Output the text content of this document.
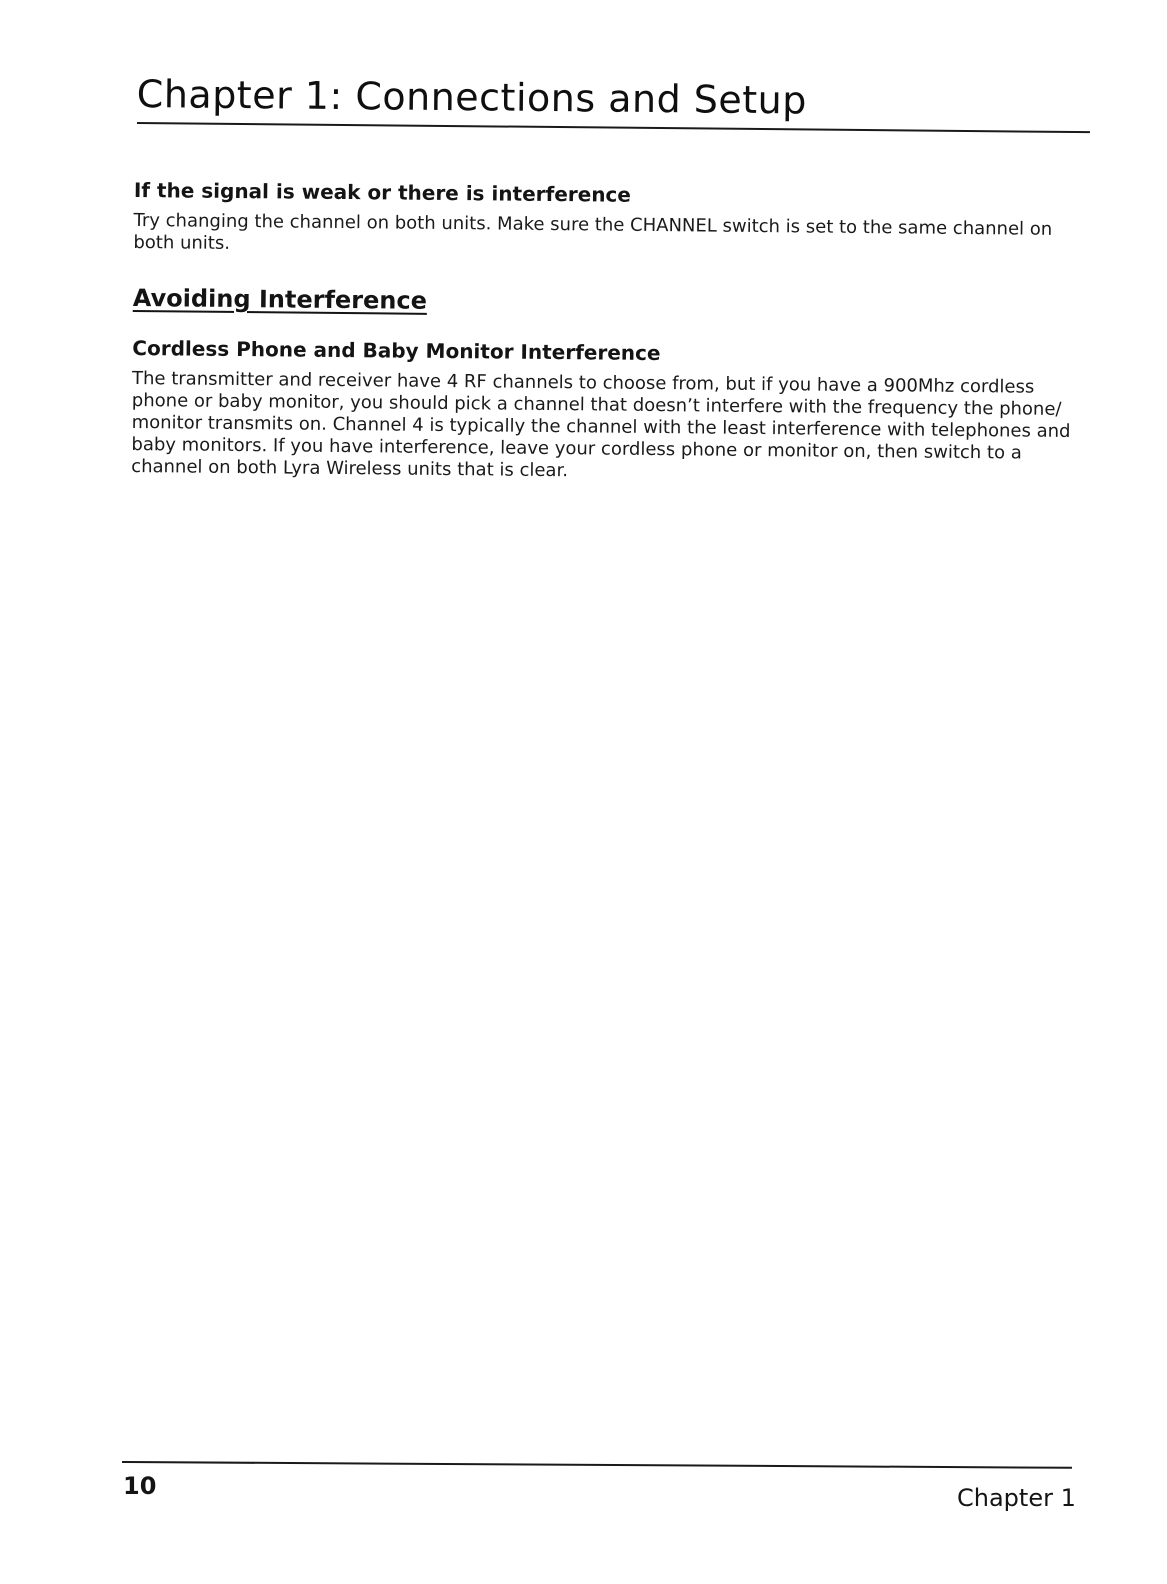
Chapter 1: Connections and Setup
If the signal is weak or there is interference

Try changing the channel on both units. Make sure the CHANNEL switch is set to the same channel on both units.

Avoiding Interference
Cordless Phone and Baby Monitor Interference

The transmitter and receiver have 4 RF channels to choose from, but if you have a 900Mhz cordless phone or baby monitor, you should pick a channel that doesn’t interfere with the frequency the phone/ monitor transmits on. Channel 4 is typically the channel with the least interference with telephones and baby monitors. If you have interference, leave your cordless phone or monitor on, then switch to a channel on both Lyra Wireless units that is clear.

10	Chapter 1
